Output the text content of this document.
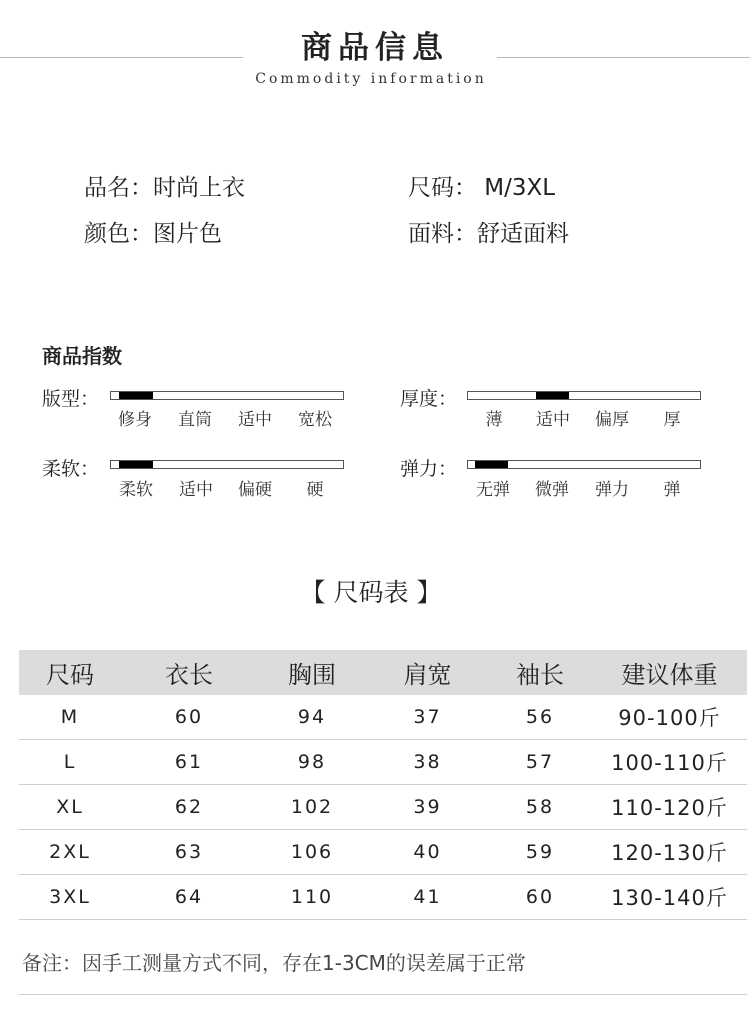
商品信息
Commodity information
品名：时尚上衣	尺码： M/3XL
颜色：图片色	面料：舒适面料
商品指数
版型：
修身 直筒 适中 宽松
厚度：
薄 适中 偏厚 厚
柔软：
柔软 适中 偏硬 硬
弹力：
无弹 微弹 弹力 弹
【 尺码表 】
尺码	衣长	胸围	肩宽	袖长	建议体重
M	60	94	37	56	90-100斤
L	61	98	38	57	100-110斤
XL	62	102	39	58	110-120斤
2XL	63	106	40	59	120-130斤
3XL	64	110	41	60	130-140斤
备注：因手工测量方式不同，存在1-3CM的误差属于正常
